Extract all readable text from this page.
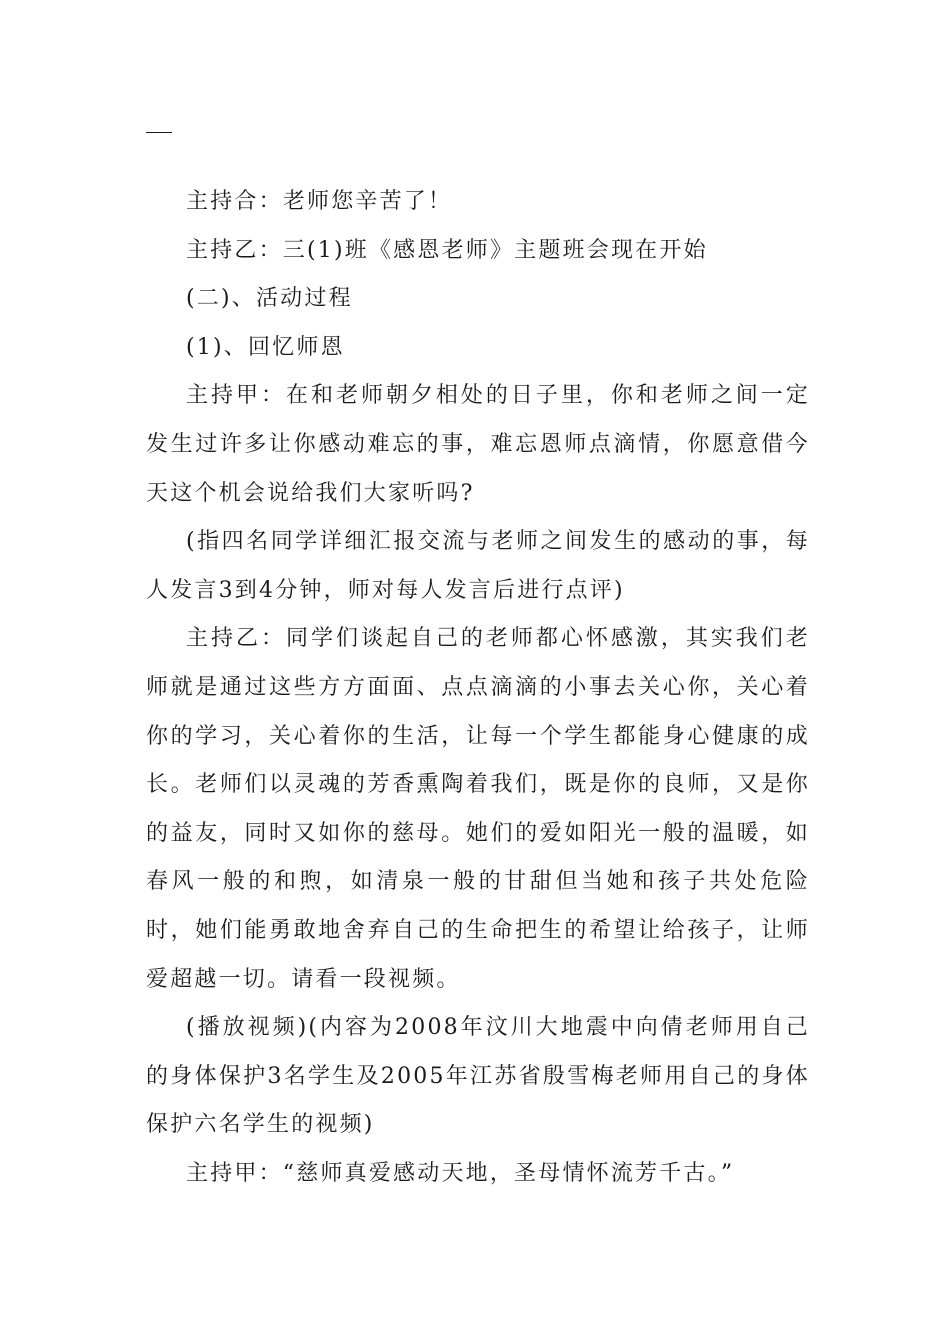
主持合：老师您辛苦了！

主持乙：三(1)班《感恩老师》主题班会现在开始

(二)、活动过程

(1)、回忆师恩

主持甲：在和老师朝夕相处的日子里，你和老师之间一定发生过许多让你感动难忘的事，难忘恩师点滴情，你愿意借今天这个机会说给我们大家听吗?

(指四名同学详细汇报交流与老师之间发生的感动的事，每人发言3到4分钟，师对每人发言后进行点评)

主持乙：同学们谈起自己的老师都心怀感激，其实我们老师就是通过这些方方面面、点点滴滴的小事去关心你，关心着你的学习，关心着你的生活，让每一个学生都能身心健康的成长。老师们以灵魂的芳香熏陶着我们，既是你的良师，又是你的益友，同时又如你的慈母。她们的爱如阳光一般的温暖，如春风一般的和煦，如清泉一般的甘甜但当她和孩子共处危险时，她们能勇敢地舍弃自己的生命把生的希望让给孩子，让师爱超越一切。请看一段视频。

(播放视频)(内容为2008年汶川大地震中向倩老师用自己的身体保护3名学生及2005年江苏省殷雪梅老师用自己的身体保护六名学生的视频)

主持甲：“慈师真爱感动天地，圣母情怀流芳千古。”
